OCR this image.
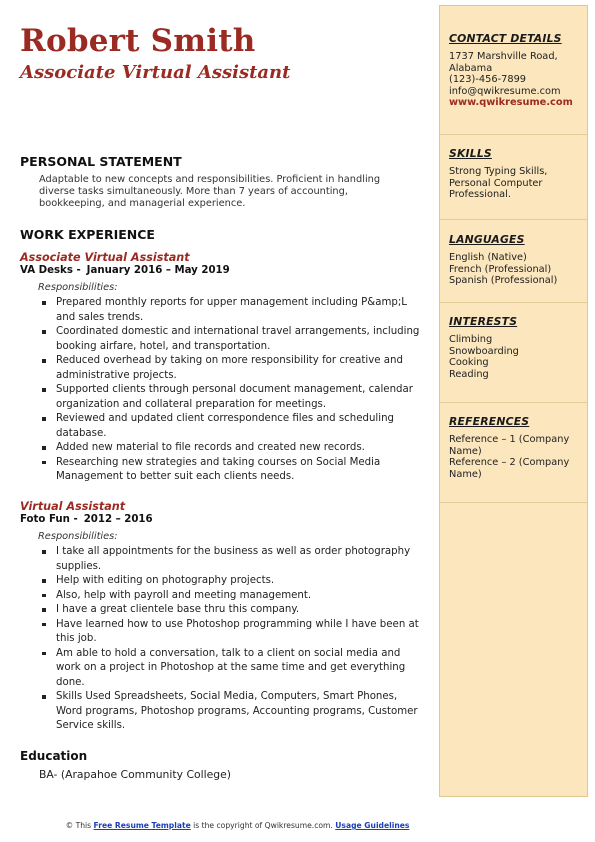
Robert Smith
Associate Virtual Assistant
PERSONAL STATEMENT
Adaptable to new concepts and responsibilities. Proficient in handling diverse tasks simultaneously. More than 7 years of accounting, bookkeeping, and managerial experience.
WORK EXPERIENCE
Associate Virtual Assistant
VA Desks - January 2016 – May 2019
Responsibilities:
Prepared monthly reports for upper management including P&amp;L and sales trends.
Coordinated domestic and international travel arrangements, including booking airfare, hotel, and transportation.
Reduced overhead by taking on more responsibility for creative and administrative projects.
Supported clients through personal document management, calendar organization and collateral preparation for meetings.
Reviewed and updated client correspondence files and scheduling database.
Added new material to file records and created new records.
Researching new strategies and taking courses on Social Media Management to better suit each clients needs.
Virtual Assistant
Foto Fun - 2012 – 2016
Responsibilities:
I take all appointments for the business as well as order photography supplies.
Help with editing on photography projects.
Also, help with payroll and meeting management.
I have a great clientele base thru this company.
Have learned how to use Photoshop programming while I have been at this job.
Am able to hold a conversation, talk to a client on social media and work on a project in Photoshop at the same time and get everything done.
Skills Used Spreadsheets, Social Media, Computers, Smart Phones, Word programs, Photoshop programs, Accounting programs, Customer Service skills.
Education
BA- (Arapahoe Community College)
CONTACT DETAILS
1737 Marshville Road,
Alabama
(123)-456-7899
info@qwikresume.com
www.qwikresume.com
SKILLS
Strong Typing Skills,
Personal Computer
Professional.
LANGUAGES
English (Native)
French (Professional)
Spanish (Professional)
INTERESTS
Climbing
Snowboarding
Cooking
Reading
REFERENCES
Reference – 1 (Company
Name)
Reference – 2 (Company
Name)
© This Free Resume Template is the copyright of Qwikresume.com. Usage Guidelines
